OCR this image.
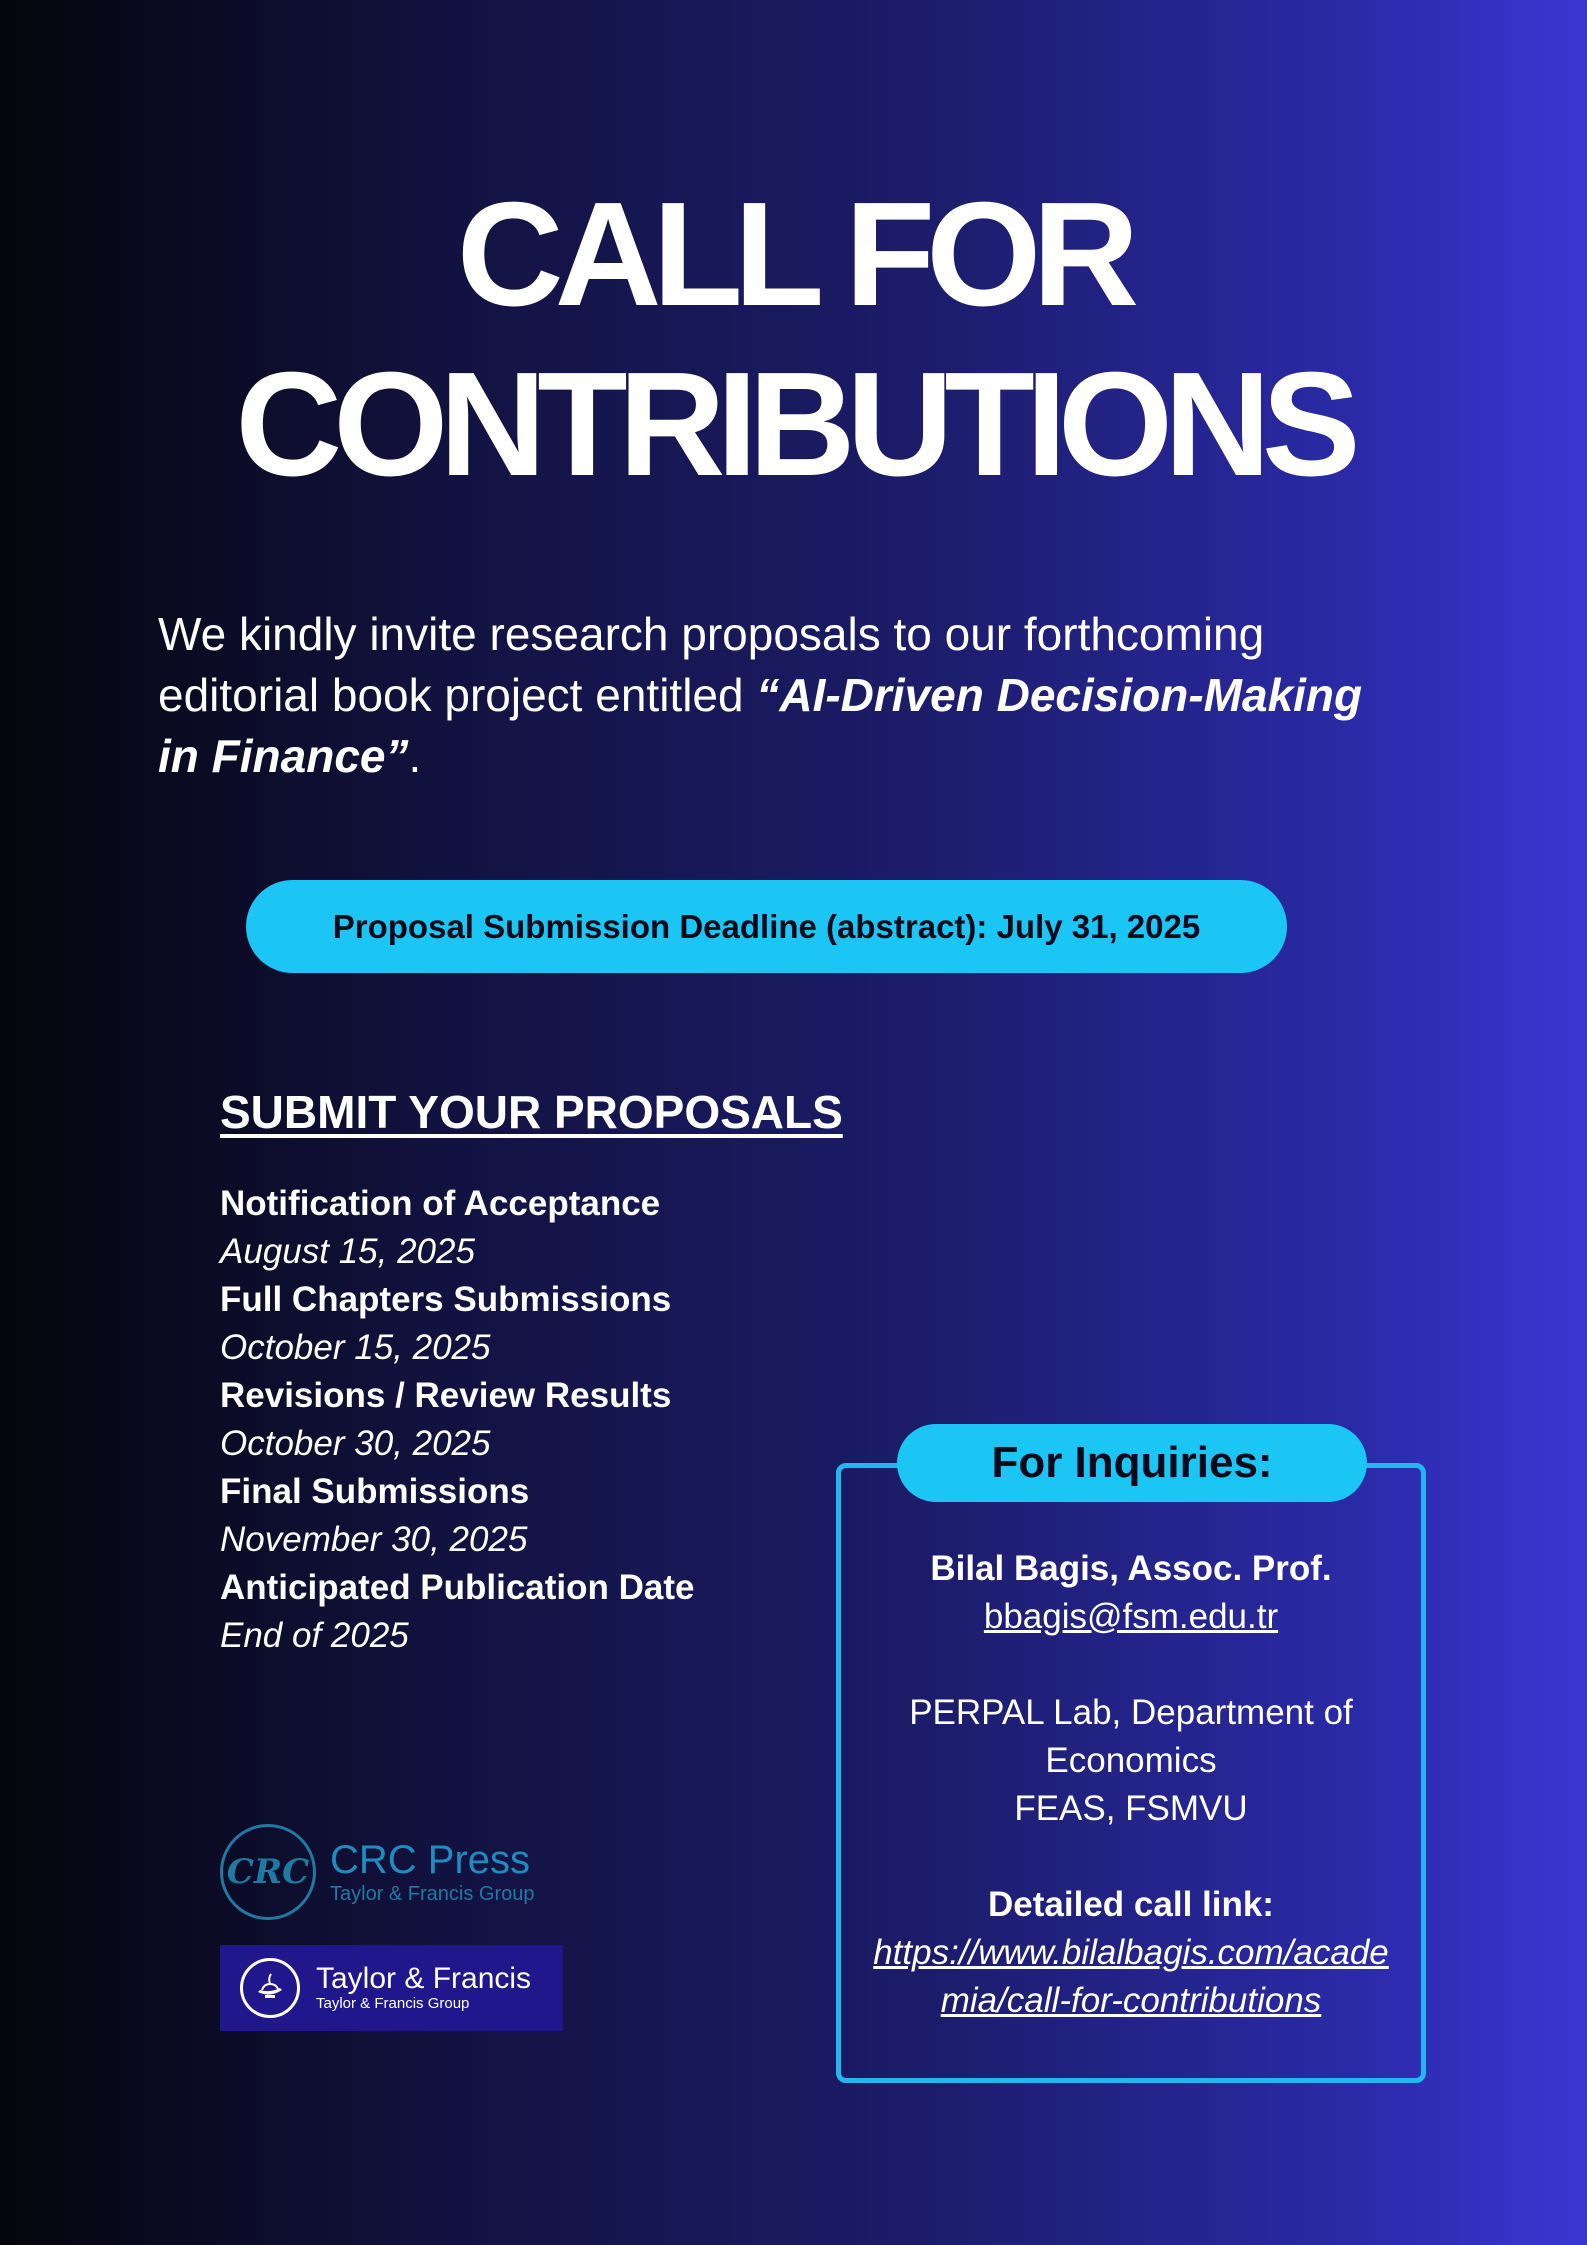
CALL FOR
CONTRIBUTIONS

We kindly invite research proposals to our forthcoming editorial book project entitled “AI-Driven Decision-Making in Finance”.

Proposal Submission Deadline (abstract): July 31, 2025
SUBMIT YOUR PROPOSALS
Notification of Acceptance
August 15, 2025
Full Chapters Submissions
October 15, 2025
Revisions / Review Results
October 30, 2025
Final Submissions
November 30, 2025
Anticipated Publication Date
End of 2025
CRC CRC Press
Taylor & Francis Group
Taylor & Francis
Taylor & Francis Group
For Inquiries:
Bilal Bagis, Assoc. Prof.
bbagis@fsm.edu.tr
PERPAL Lab, Department of Economics
FEAS, FSMVU
Detailed call link:
https://www.bilalbagis.com/academia/call-for-contributions
